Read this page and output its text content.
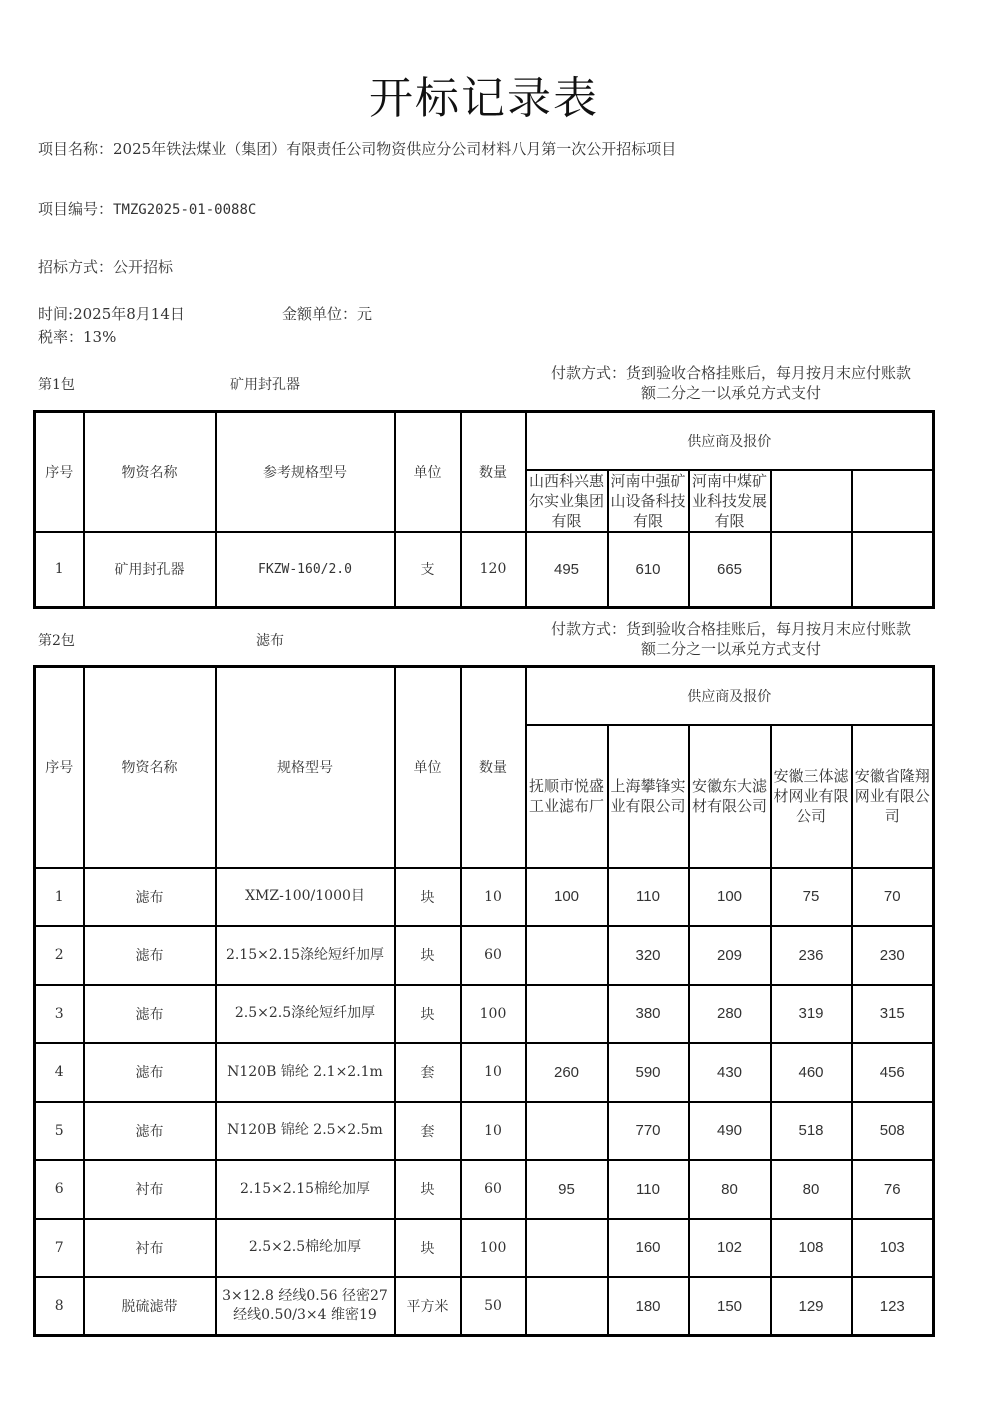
开标记录表
项目名称：2025年铁法煤业（集团）有限责任公司物资供应分公司材料八月第一次公开招标项目
项目编号：TMZG2025-01-0088C
招标方式：公开招标
时间:2025年8月14日	金额单位：元
税率：13%
第1包	矿用封孔器
付款方式：货到验收合格挂账后，每月按月末应付账款
额二分之一以承兑方式支付
序号	物资名称	参考规格型号	单位	数量	供应商及报价				
					山西科兴惠尔实业集团有限	河南中强矿山设备科技有限	河南中煤矿业科技发展有限		
1	矿用封孔器	FKZW-160/2.0	支	120	495	610	665		
第2包	滤布
付款方式：货到验收合格挂账后，每月按月末应付账款
额二分之一以承兑方式支付
序号	物资名称	规格型号	单位	数量	供应商及报价				
					抚顺市悦盛工业滤布厂	上海攀锋实业有限公司	安徽东大滤材有限公司	安徽三体滤材网业有限公司	安徽省隆翔网业有限公司
1	滤布	XMZ-100/1000目	块	10	100	110	100	75	70
2	滤布	2.15×2.15涤纶短纤加厚	块	60		320	209	236	230
3	滤布	2.5×2.5涤纶短纤加厚	块	100		380	280	319	315
4	滤布	N120B 锦纶 2.1×2.1m	套	10	260	590	430	460	456
5	滤布	N120B 锦纶 2.5×2.5m	套	10		770	490	518	508
6	衬布	2.15×2.15棉纶加厚	块	60	95	110	80	80	76
7	衬布	2.5×2.5棉纶加厚	块	100		160	102	108	103
8	脱硫滤带	3×12.8 经线0.56 径密27 经线0.50/3×4 维密19	平方米	50		180	150	129	123
